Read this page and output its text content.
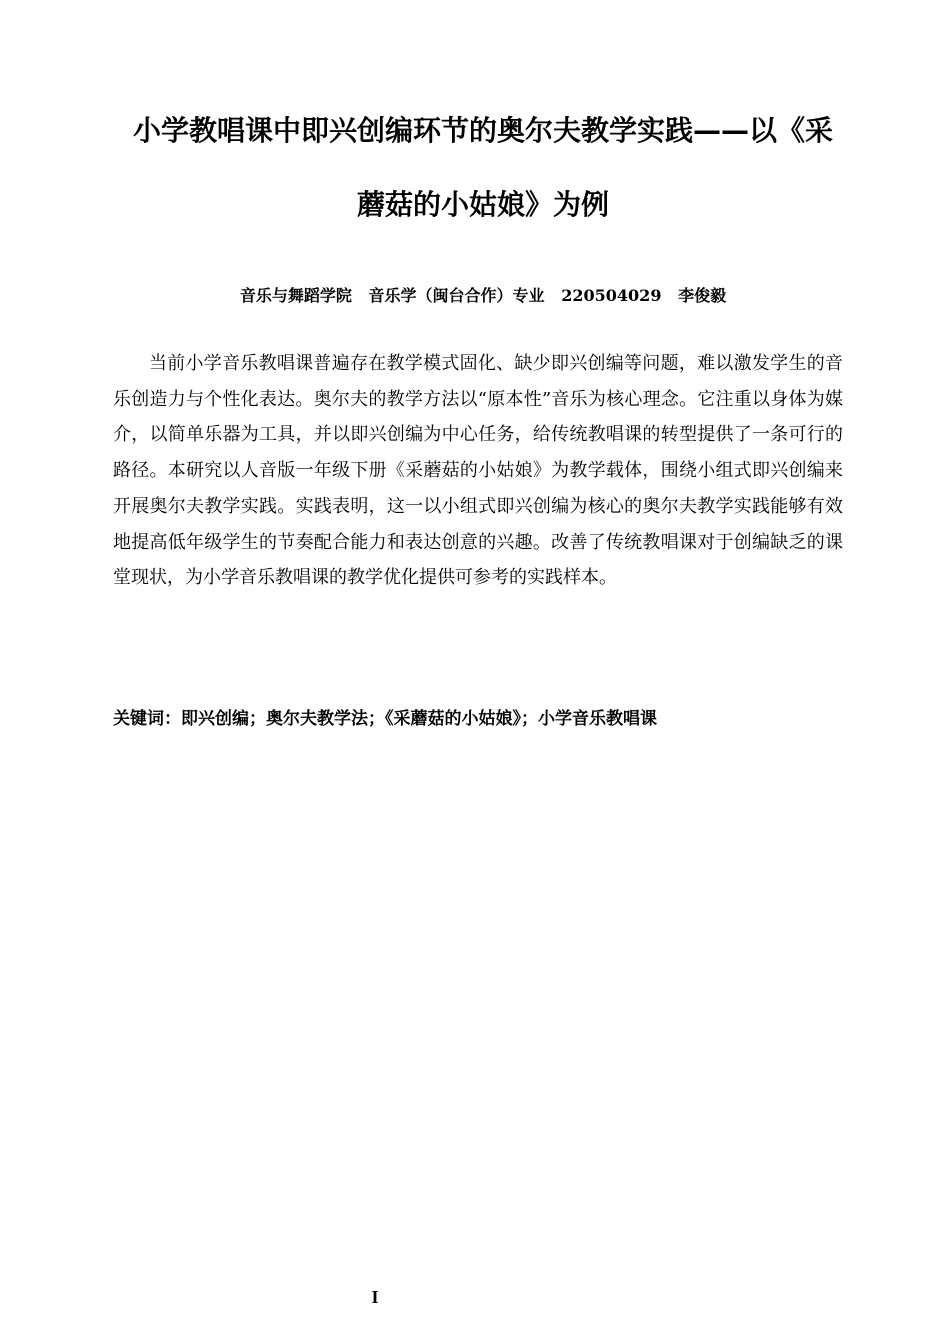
小学教唱课中即兴创编环节的奥尔夫教学实践——以《采
蘑菇的小姑娘》为例
音乐与舞蹈学院   音乐学（闽台合作）专业   220504029   李俊毅

当前小学音乐教唱课普遍存在教学模式固化、缺少即兴创编等问题，难以激发学生的音乐创造力与个性化表达。奥尔夫的教学方法以“原本性”音乐为核心理念。它注重以身体为媒介，以简单乐器为工具，并以即兴创编为中心任务，给传统教唱课的转型提供了一条可行的路径。本研究以人音版一年级下册《采蘑菇的小姑娘》为教学载体，围绕小组式即兴创编来开展奥尔夫教学实践。实践表明，这一以小组式即兴创编为核心的奥尔夫教学实践能够有效地提高低年级学生的节奏配合能力和表达创意的兴趣。改善了传统教唱课对于创编缺乏的课堂现状，为小学音乐教唱课的教学优化提供可参考的实践样本。

关键词：即兴创编；奥尔夫教学法；《采蘑菇的小姑娘》；小学音乐教唱课
I
